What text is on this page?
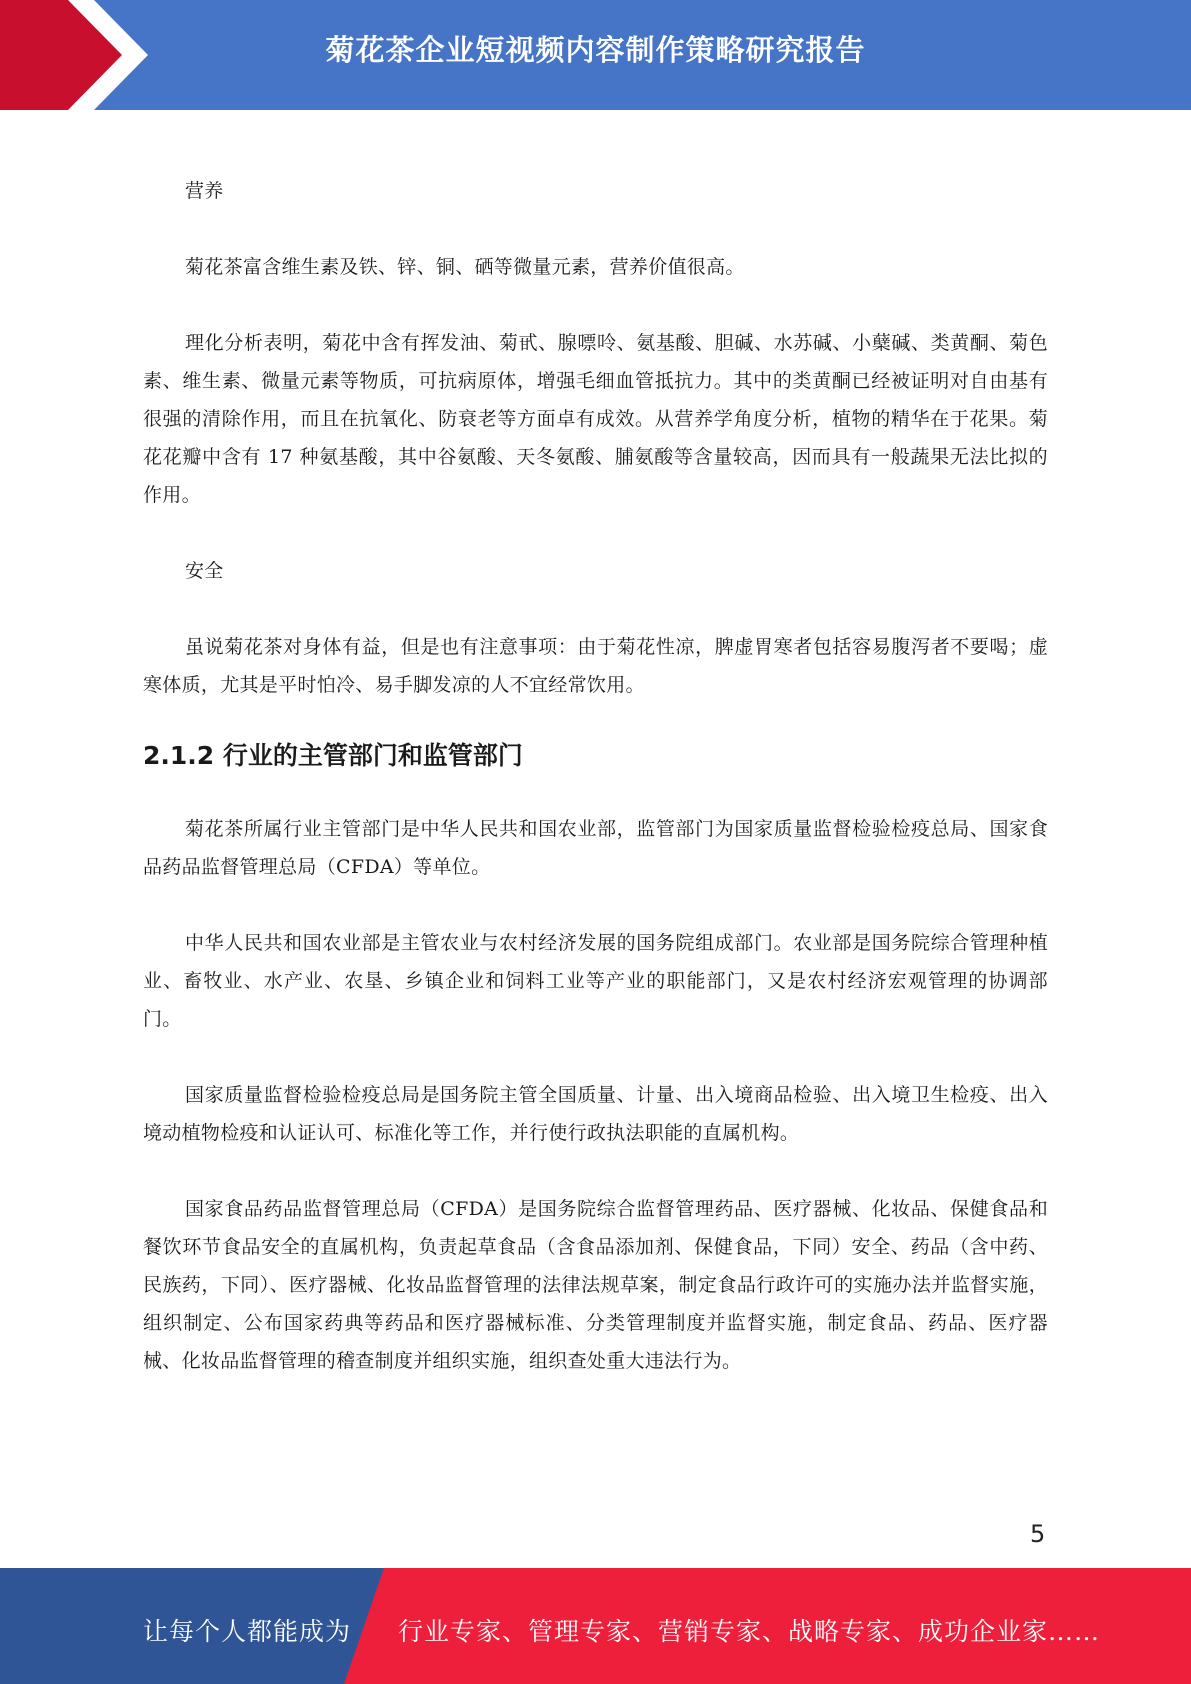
菊花茶企业短视频内容制作策略研究报告

营养

菊花茶富含维生素及铁、锌、铜、硒等微量元素，营养价值很高。

理化分析表明，菊花中含有挥发油、菊甙、腺嘌呤、氨基酸、胆碱、水苏碱、小蘖碱、类黄酮、菊色素、维生素、微量元素等物质，可抗病原体，增强毛细血管抵抗力。其中的类黄酮已经被证明对自由基有很强的清除作用，而且在抗氧化、防衰老等方面卓有成效。从营养学角度分析，植物的精华在于花果。菊花花瓣中含有 17 种氨基酸，其中谷氨酸、天冬氨酸、脯氨酸等含量较高，因而具有一般蔬果无法比拟的作用。

安全

虽说菊花茶对身体有益，但是也有注意事项：由于菊花性凉，脾虚胃寒者包括容易腹泻者不要喝；虚寒体质，尤其是平时怕冷、易手脚发凉的人不宜经常饮用。

2.1.2 行业的主管部门和监管部门

菊花茶所属行业主管部门是中华人民共和国农业部，监管部门为国家质量监督检验检疫总局、国家食品药品监督管理总局（CFDA）等单位。

中华人民共和国农业部是主管农业与农村经济发展的国务院组成部门。农业部是国务院综合管理种植业、畜牧业、水产业、农垦、乡镇企业和饲料工业等产业的职能部门，又是农村经济宏观管理的协调部门。

国家质量监督检验检疫总局是国务院主管全国质量、计量、出入境商品检验、出入境卫生检疫、出入境动植物检疫和认证认可、标准化等工作，并行使行政执法职能的直属机构。

国家食品药品监督管理总局（CFDA）是国务院综合监督管理药品、医疗器械、化妆品、保健食品和餐饮环节食品安全的直属机构，负责起草食品（含食品添加剂、保健食品，下同）安全、药品（含中药、民族药，下同）、医疗器械、化妆品监督管理的法律法规草案，制定食品行政许可的实施办法并监督实施，组织制定、公布国家药典等药品和医疗器械标准、分类管理制度并监督实施，制定食品、药品、医疗器械、化妆品监督管理的稽查制度并组织实施，组织查处重大违法行为。

5
让每个人都能成为 行业专家、管理专家、营销专家、战略专家、成功企业家……
